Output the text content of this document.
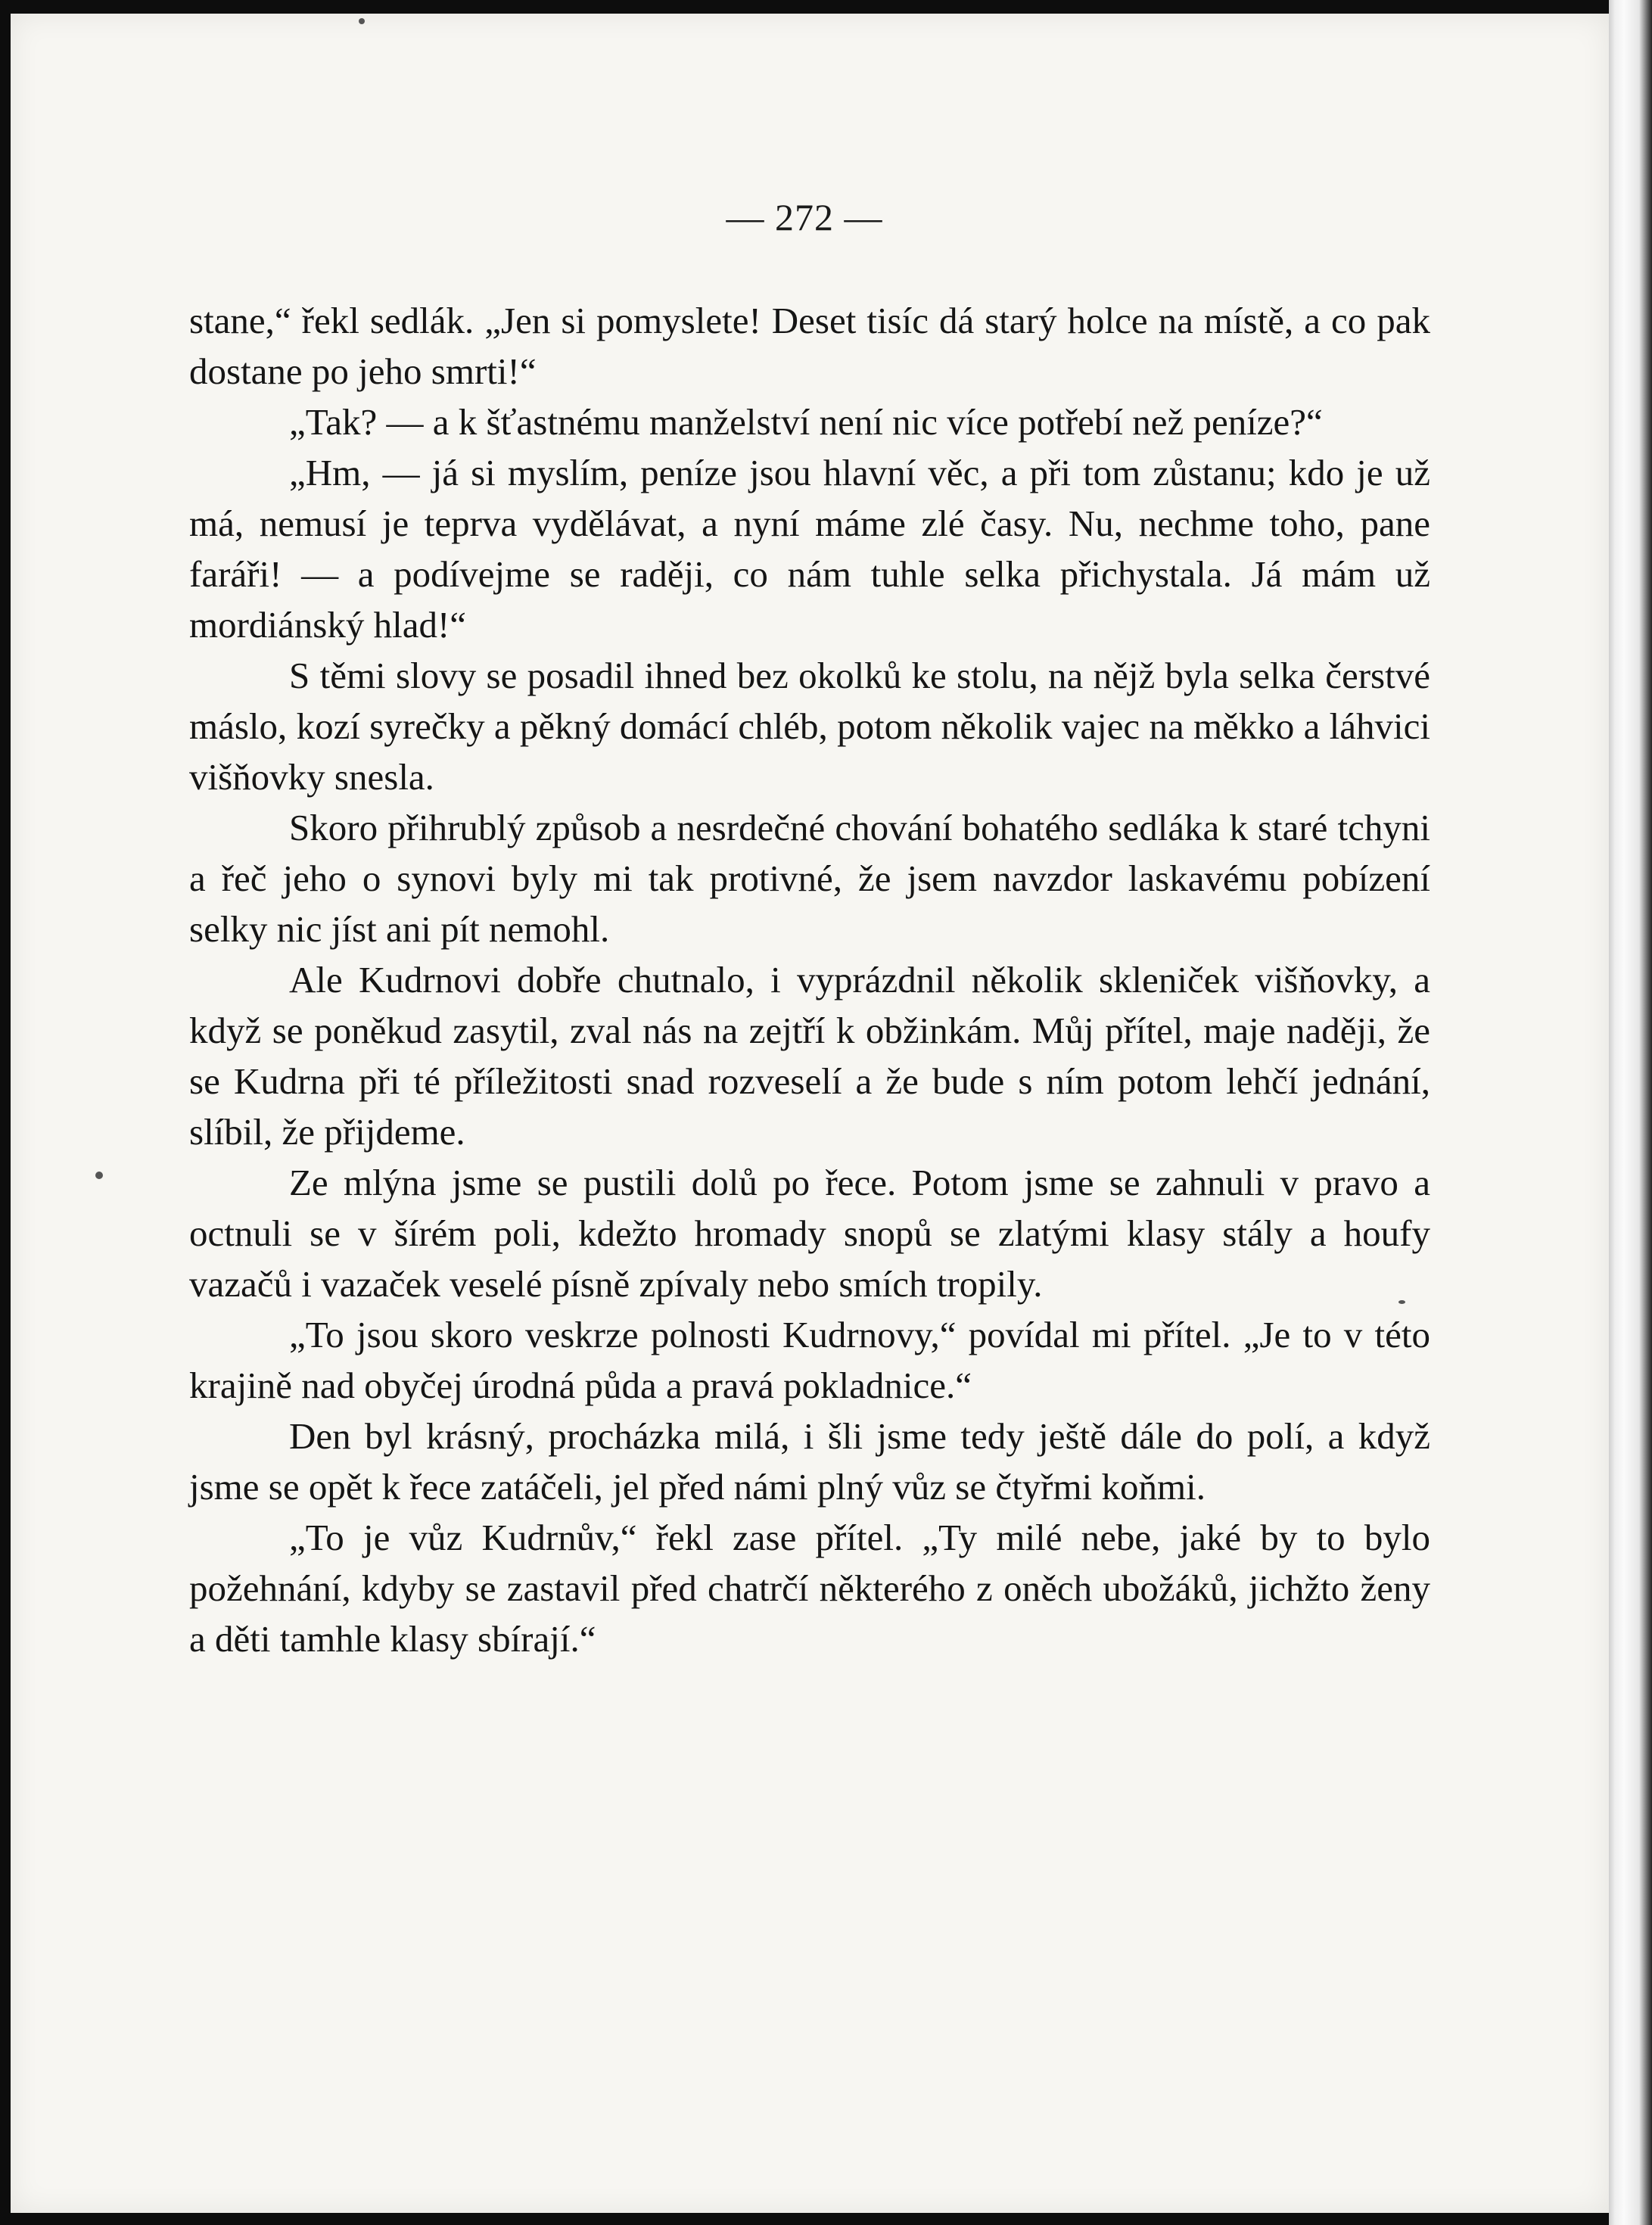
— 272 —

stane,“ řekl sedlák. „Jen si pomyslete! Deset tisíc dá starý holce na místě, a co pak dostane po jeho smrti!“

„Tak? — a k šťastnému manželství není nic více potřebí než peníze?“

„Hm, — já si myslím, peníze jsou hlavní věc, a při tom zůstanu; kdo je už má, nemusí je teprva vydělávat, a nyní máme zlé časy. Nu, nechme toho, pane faráři! — a podívejme se raději, co nám tuhle selka přichystala. Já mám už mordiánský hlad!“

S těmi slovy se posadil ihned bez okolků ke stolu, na nějž byla selka čerstvé máslo, kozí syrečky a pěkný domácí chléb, potom několik vajec na měkko a láhvici višňovky snesla.

Skoro přihrublý způsob a nesrdečné chování bohatého sedláka k staré tchyni a řeč jeho o synovi byly mi tak protivné, že jsem navzdor laskavému pobízení selky nic jíst ani pít nemohl.

Ale Kudrnovi dobře chutnalo, i vyprázdnil několik skleniček višňovky, a když se poněkud zasytil, zval nás na zejtří k obžinkám. Můj přítel, maje naději, že se Kudrna při té příležitosti snad rozveselí a že bude s ním potom lehčí jednání, slíbil, že přijdeme.

Ze mlýna jsme se pustili dolů po řece. Potom jsme se zahnuli v pravo a octnuli se v šírém poli, kdežto hromady snopů se zlatými klasy stály a houfy vazačů i vazaček veselé písně zpívaly nebo smích tropily.

„To jsou skoro veskrze polnosti Kudrnovy,“ povídal mi přítel. „Je to v této krajině nad obyčej úrodná půda a pravá pokladnice.“

Den byl krásný, procházka milá, i šli jsme tedy ještě dále do polí, a když jsme se opět k řece zatáčeli, jel před námi plný vůz se čtyřmi koňmi.

„To je vůz Kudrnův,“ řekl zase přítel. „Ty milé nebe, jaké by to bylo požehnání, kdyby se zastavil před chatrčí některého z oněch ubožáků, jichžto ženy a děti tamhle klasy sbírají.“
